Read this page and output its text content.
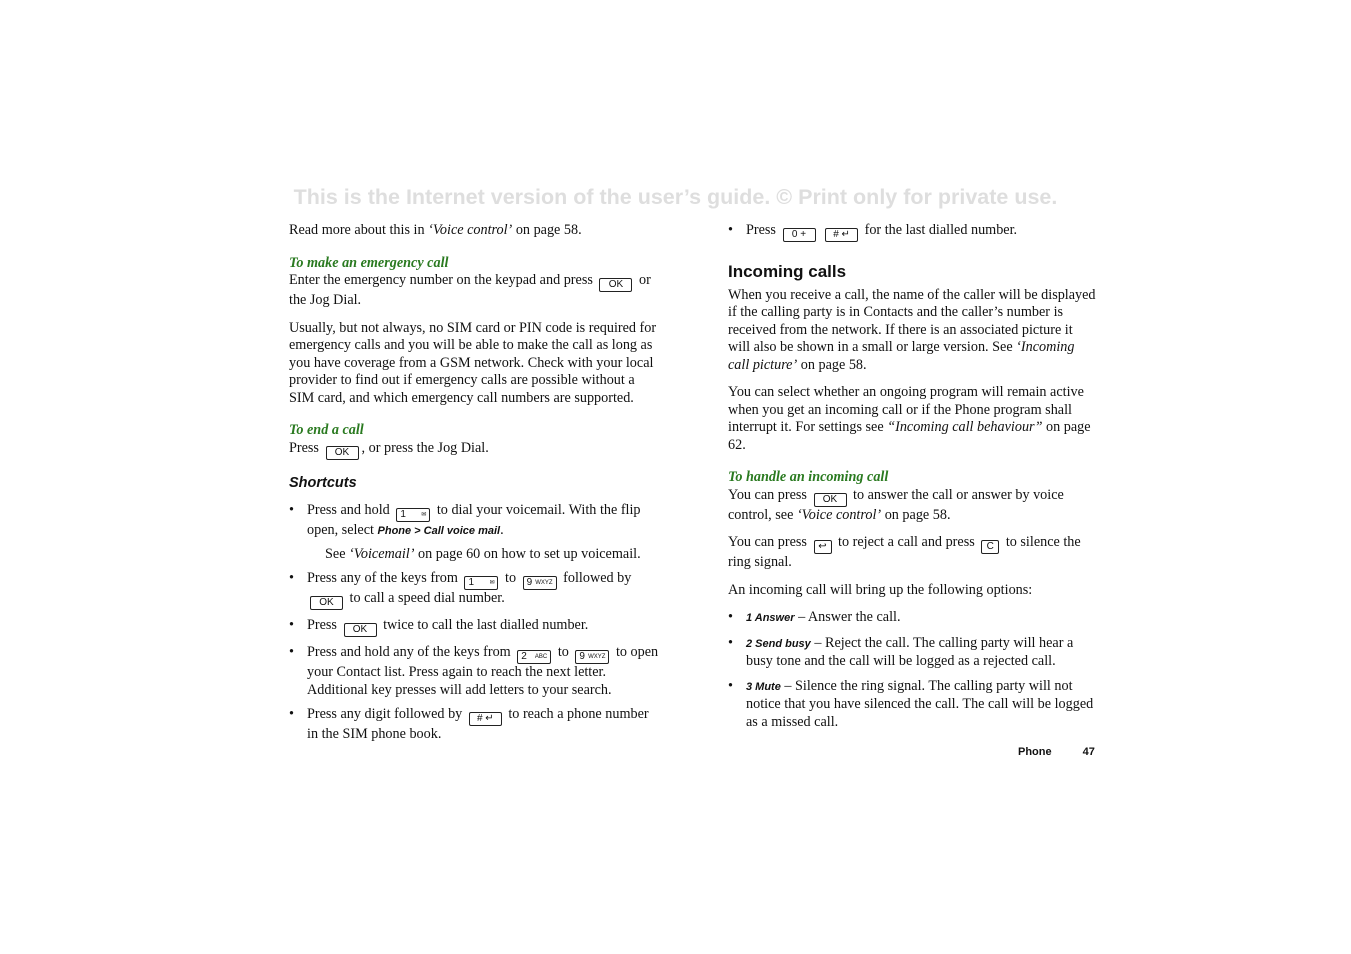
This is the Internet version of the user’s guide. © Print only for private use.

Read more about this in ‘Voice control’ on page 58.

To make an emergency call

Enter the emergency number on the keypad and press OK or the Jog Dial.

Usually, but not always, no SIM card or PIN code is required for emergency calls and you will be able to make the call as long as you have coverage from a GSM network. Check with your local provider to find out if emergency calls are possible without a SIM card, and which emergency call numbers are supported.

To end a call

Press OK , or press the Jog Dial.

Shortcuts

• Press and hold 1	✉ to dial your voicemail. With the flip open, select Phone > Call voice mail.

See ‘Voicemail’ on page 60 on how to set up voicemail.

• Press any of the keys from 1	✉ to 9 WXYZ followed by OK to call a speed dial number.
• Press OK twice to call the last dialled number.
• Press and hold any of the keys from 2 ABC to 9 WXYZ to open your Contact list. Press again to reach the next letter. Additional key presses will add letters to your search.
• Press any digit followed by # ↵ to reach a phone number in the SIM phone book.
• Press 0 +	# ↵ for the last dialled number.

Incoming calls

When you receive a call, the name of the caller will be displayed if the calling party is in Contacts and the caller’s number is received from the network. If there is an associated picture it will also be shown in a small or large version. See ‘Incoming call picture’ on page 58.

You can select whether an ongoing program will remain active when you get an incoming call or if the Phone program shall interrupt it. For settings see “Incoming call behaviour” on page 62.

To handle an incoming call

You can press OK to answer the call or answer by voice control, see ‘Voice control’ on page 58.

You can press ↩ to reject a call and press C to silence the ring signal.

An incoming call will bring up the following options:

• 1 Answer – Answer the call.
• 2 Send busy – Reject the call. The calling party will hear a busy tone and the call will be logged as a rejected call.
• 3 Mute – Silence the ring signal. The calling party will not notice that you have silenced the call. The call will be logged as a missed call.
Phone	47
